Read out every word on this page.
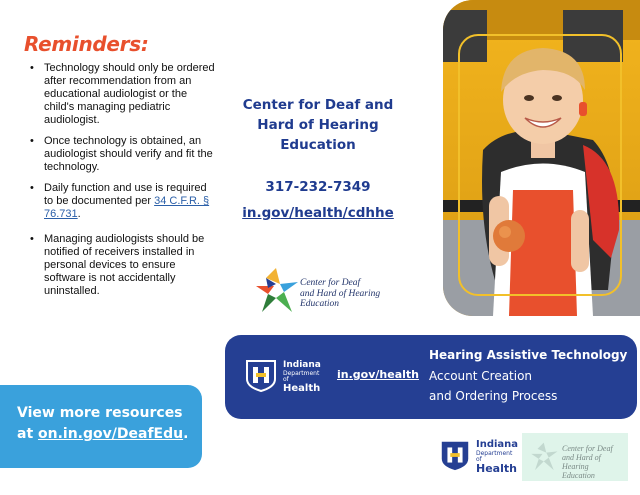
Reminders:
• Technology should only be ordered after recommendation from an educational audiologist or the child's managing pediatric audiologist.
• Once technology is obtained, an audiologist should verify and fit the technology.
• Daily function and use is required to be documented per 34 C.F.R. § 76.731.
• Managing audiologists should be notified of receivers installed in personal devices to ensure software is not accidentally uninstalled.
View more resources
at on.in.gov/DeafEdu.
Center for Deaf and
Hard of Hearing
Education
317-232-7349
in.gov/health/cdhhe
Center for Deaf
and Hard of Hearing
Education
Indiana
Department
of
Health
in.gov/health
Hearing Assistive Technology
Account Creation
and Ordering Process
Indiana
Department
of
Health
Center for Deaf
and Hard of Hearing
Education
